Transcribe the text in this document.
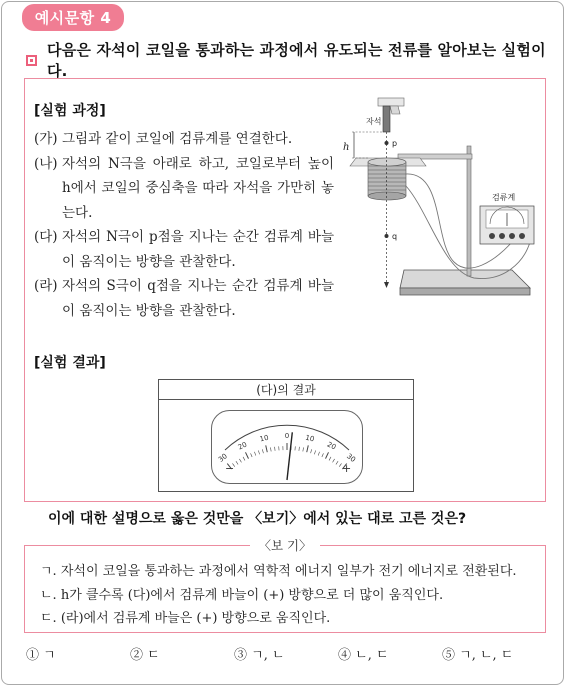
예시문항 4
다음은 자석이 코일을 통과하는 과정에서 유도되는 전류를 알아보는 실험이다.
[실험 과정]
(가) 그림과 같이 코일에 검류계를 연결한다.
(나) 자석의 N극을 아래로 하고, 코일로부터 높이 h에서 코일의 중심축을 따라 자석을 가만히 놓는다.
(다) 자석의 N극이 p점을 지나는 순간 검류계 바늘이 움직이는 방향을 관찰한다.
(라) 자석의 S극이 q점을 지나는 순간 검류계 바늘이 움직이는 방향을 관찰한다.
h
자석
p
q
검류계
[실험 결과]
(다)의 결과
30
20
10 0 10
20
30
−	+
이에 대한 설명으로 옳은 것만을 〈보기〉에서 있는 대로 고른 것은?
〈보 기〉
ㄱ. 자석이 코일을 통과하는 과정에서 역학적 에너지 일부가 전기 에너지로 전환된다.
ㄴ. h가 클수록 (다)에서 검류계 바늘이 (+) 방향으로 더 많이 움직인다.
ㄷ. (라)에서 검류계 바늘은 (+) 방향으로 움직인다.
① ㄱ	② ㄷ	③ ㄱ, ㄴ	④ ㄴ, ㄷ	⑤ ㄱ, ㄴ, ㄷ
